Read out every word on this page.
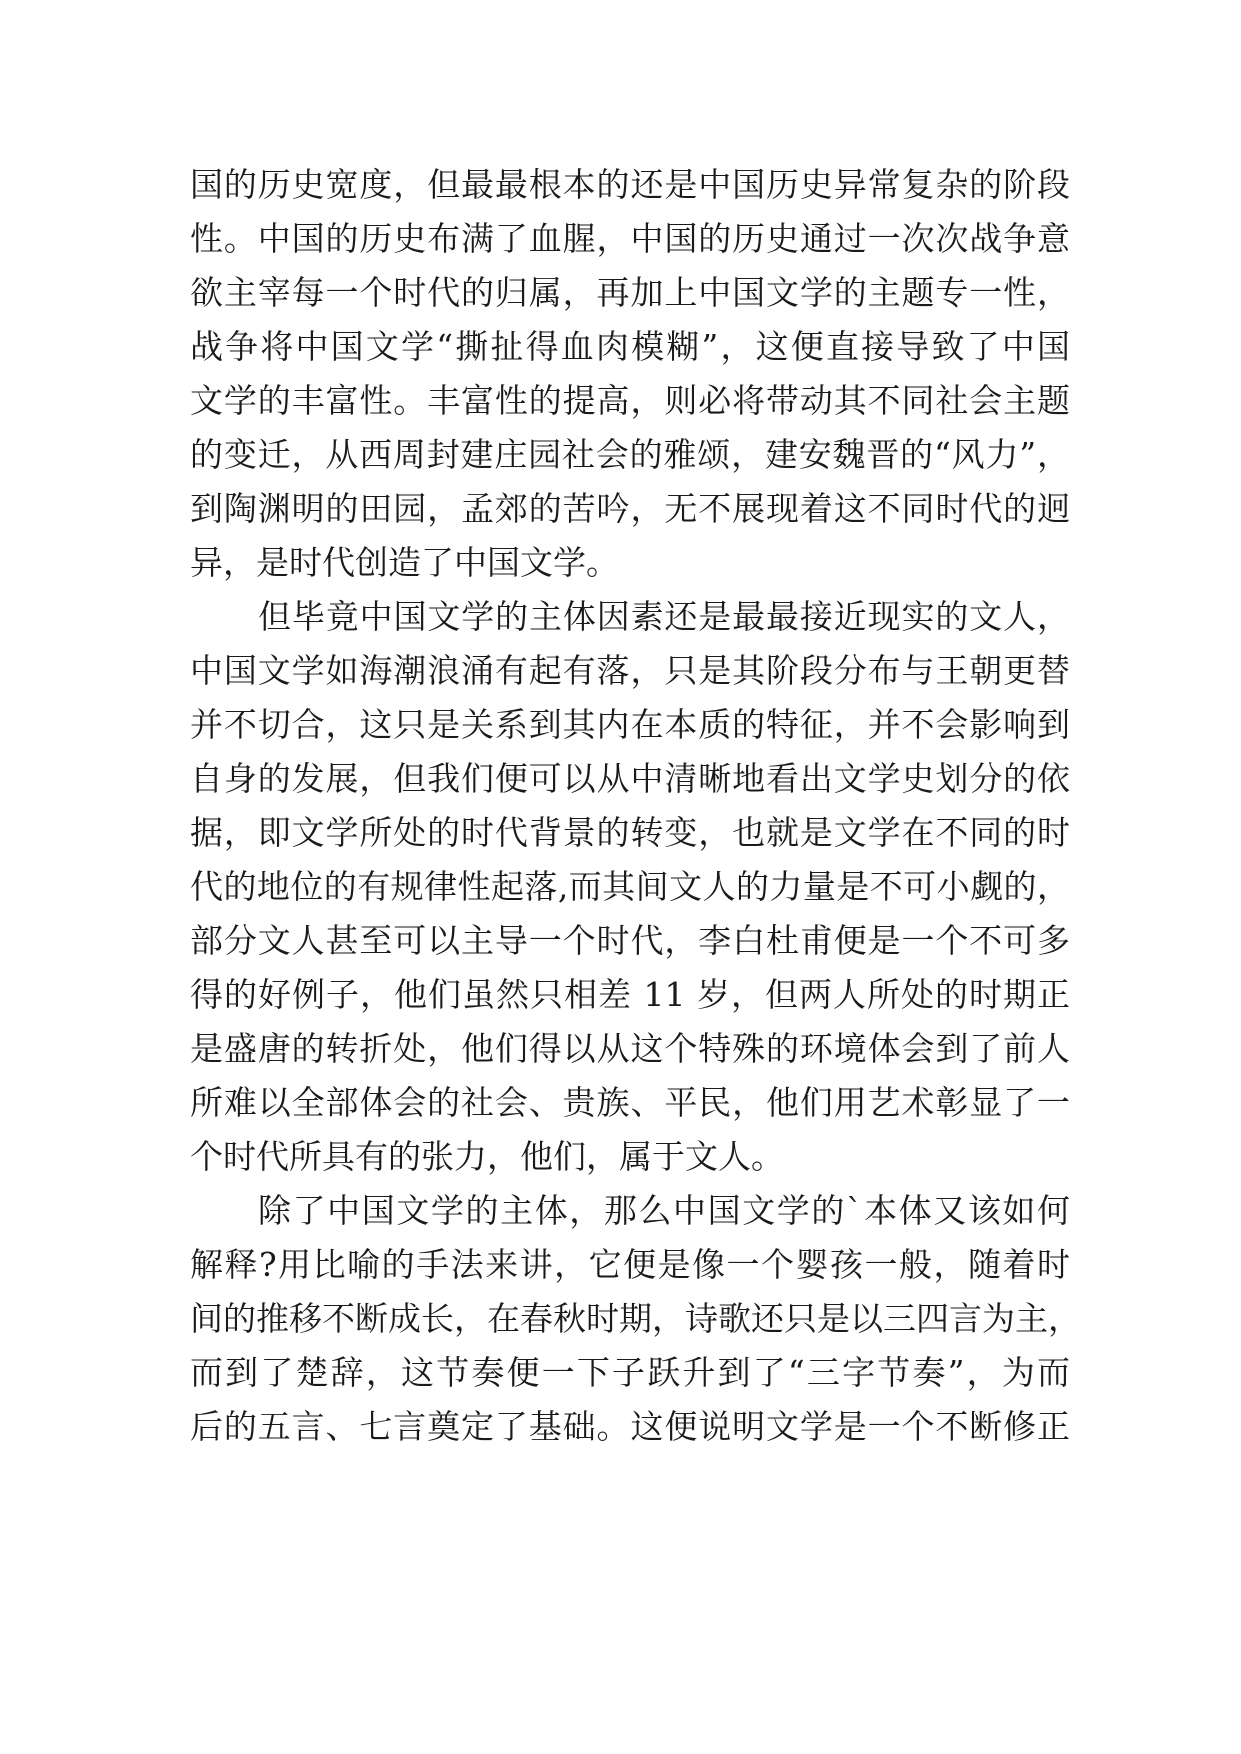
国的历史宽度，但最最根本的还是中国历史异常复杂的阶段
性。中国的历史布满了血腥，中国的历史通过一次次战争意
欲主宰每一个时代的归属，再加上中国文学的主题专一性，
战争将中国文学“撕扯得血肉模糊”，这便直接导致了中国
文学的丰富性。丰富性的提高，则必将带动其不同社会主题
的变迁，从西周封建庄园社会的雅颂，建安魏晋的“风力”，
到陶渊明的田园，孟郊的苦吟，无不展现着这不同时代的迥
异，是时代创造了中国文学。
但毕竟中国文学的主体因素还是最最接近现实的文人，
中国文学如海潮浪涌有起有落，只是其阶段分布与王朝更替
并不切合，这只是关系到其内在本质的特征，并不会影响到
自身的发展，但我们便可以从中清晰地看出文学史划分的依
据，即文学所处的时代背景的转变，也就是文学在不同的时
代的地位的有规律性起落,而其间文人的力量是不可小觑的，
部分文人甚至可以主导一个时代，李白杜甫便是一个不可多
得的好例子，他们虽然只相差 11 岁，但两人所处的时期正
是盛唐的转折处，他们得以从这个特殊的环境体会到了前人
所难以全部体会的社会、贵族、平民，他们用艺术彰显了一
个时代所具有的张力，他们，属于文人。
除了中国文学的主体，那么中国文学的`本体又该如何
解释?用比喻的手法来讲，它便是像一个婴孩一般，随着时
间的推移不断成长，在春秋时期，诗歌还只是以三四言为主，
而到了楚辞，这节奏便一下子跃升到了“三字节奏”，为而
后的五言、七言奠定了基础。这便说明文学是一个不断修正
